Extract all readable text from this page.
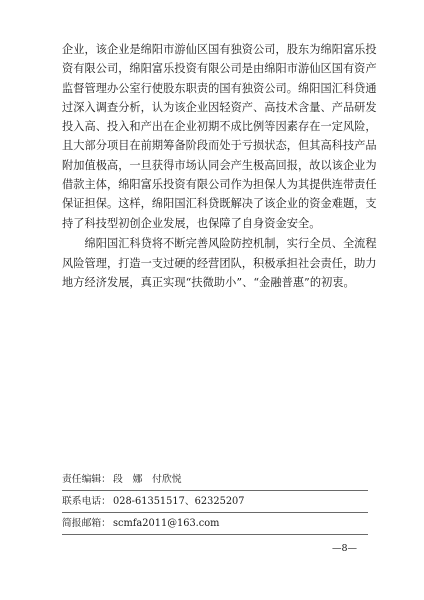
企业，该企业是绵阳市游仙区国有独资公司，股东为绵阳富乐投
资有限公司，绵阳富乐投资有限公司是由绵阳市游仙区国有资产
监督管理办公室行使股东职责的国有独资公司。绵阳国汇科贷通
过深入调查分析，认为该企业因轻资产、高技术含量、产品研发
投入高、投入和产出在企业初期不成比例等因素存在一定风险，
且大部分项目在前期筹备阶段而处于亏损状态，但其高科技产品
附加值极高，一旦获得市场认同会产生极高回报，故以该企业为
借款主体，绵阳富乐投资有限公司作为担保人为其提供连带责任
保证担保。这样，绵阳国汇科贷既解决了该企业的资金难题，支
持了科技型初创企业发展，也保障了自身资金安全。
　　绵阳国汇科贷将不断完善风险防控机制，实行全员、全流程
风险管理，打造一支过硬的经营团队，积极承担社会责任，助力
地方经济发展，真正实现“扶微助小”、“金融普惠”的初衷。
责任编辑： 段　娜　付欣悦
联系电话： 028-61351517、62325207
简报邮箱： scmfa2011@163.com
—8—
